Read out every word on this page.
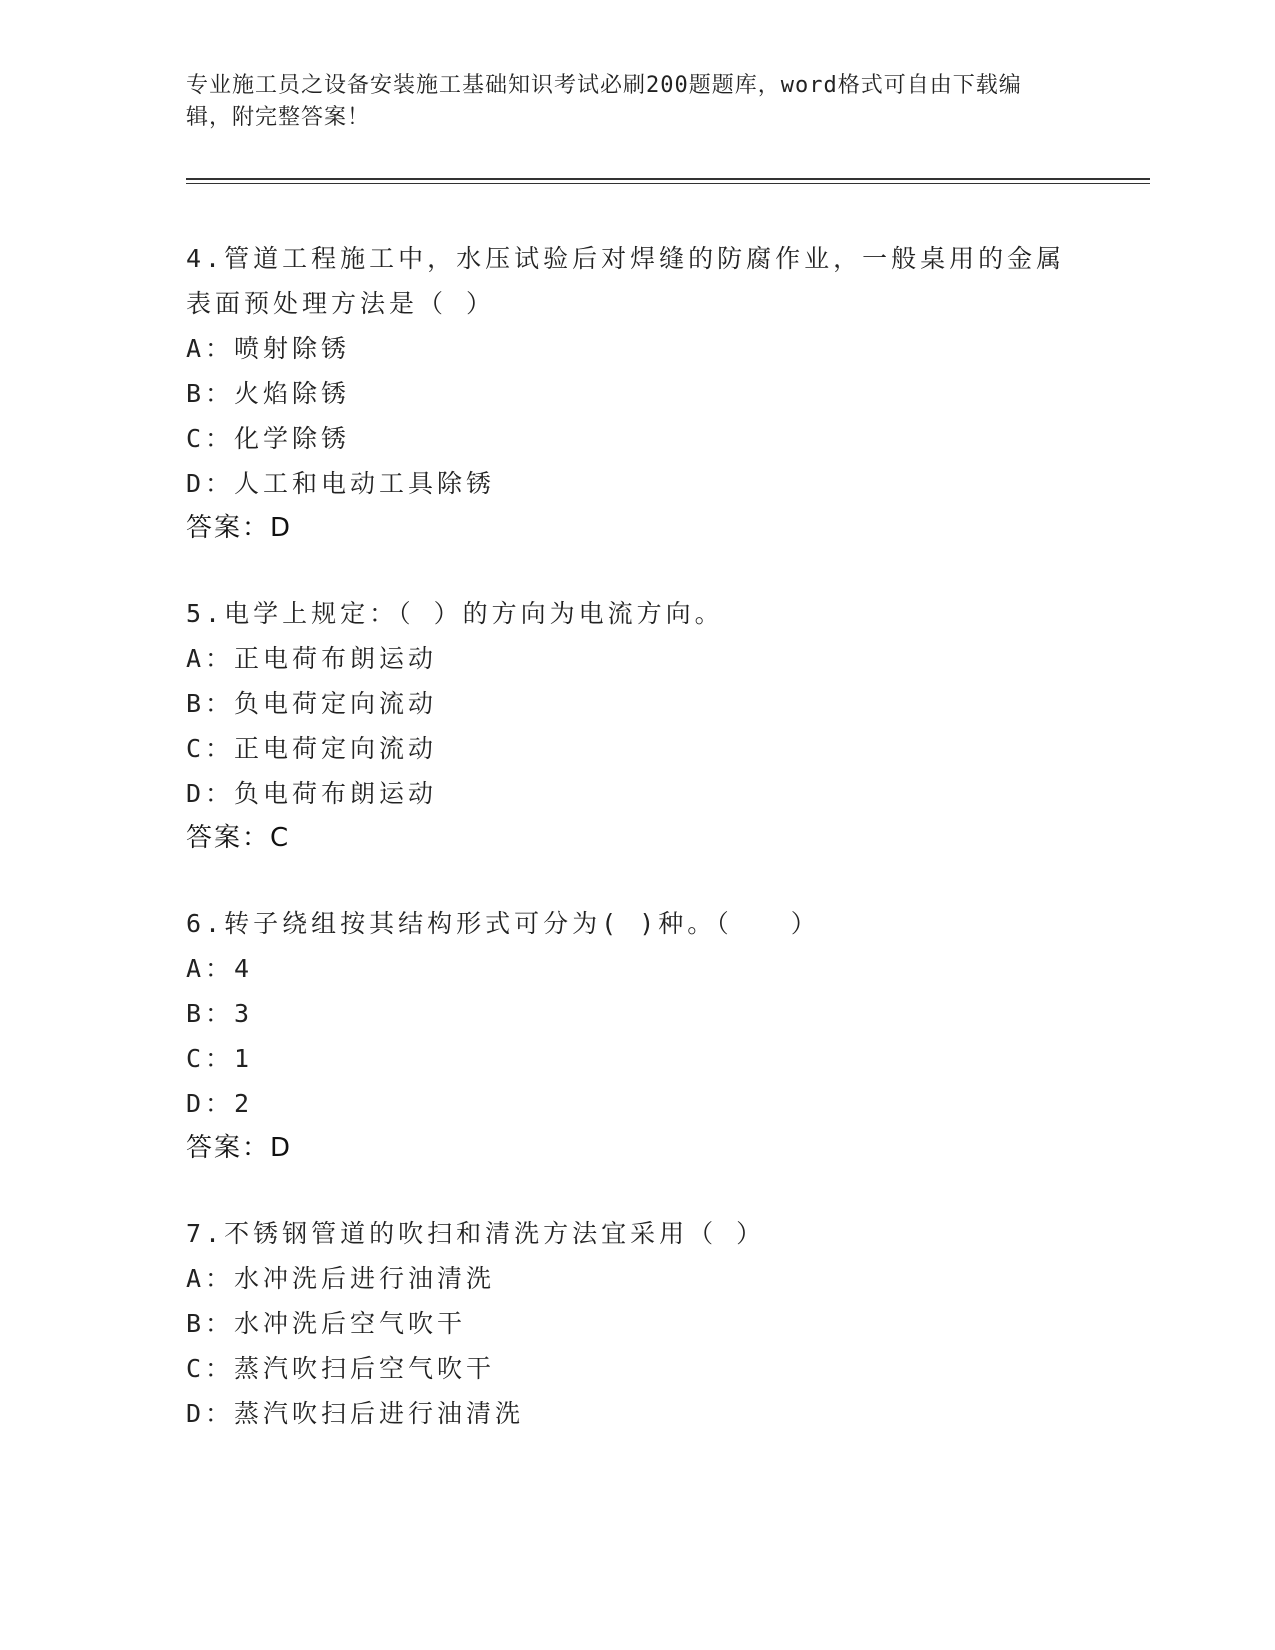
专业施工员之设备安装施工基础知识考试必刷200题题库，word格式可自由下载编辑，附完整答案！

4.管道工程施工中，水压试验后对焊缝的防腐作业，一般桌用的金属表面预处理方法是（ ）

A：喷射除锈
B：火焰除锈
C：化学除锈
D：人工和电动工具除锈
答案：D

5.电学上规定：（ ）的方向为电流方向。

A：正电荷布朗运动
B：负电荷定向流动
C：正电荷定向流动
D：负电荷布朗运动
答案：C

6.转子绕组按其结构形式可分为( )种。（　　）

A：4
B：3
C：1
D：2
答案：D

7.不锈钢管道的吹扫和清洗方法宜采用（ ）

A：水冲洗后进行油清洗
B：水冲洗后空气吹干
C：蒸汽吹扫后空气吹干
D：蒸汽吹扫后进行油清洗
